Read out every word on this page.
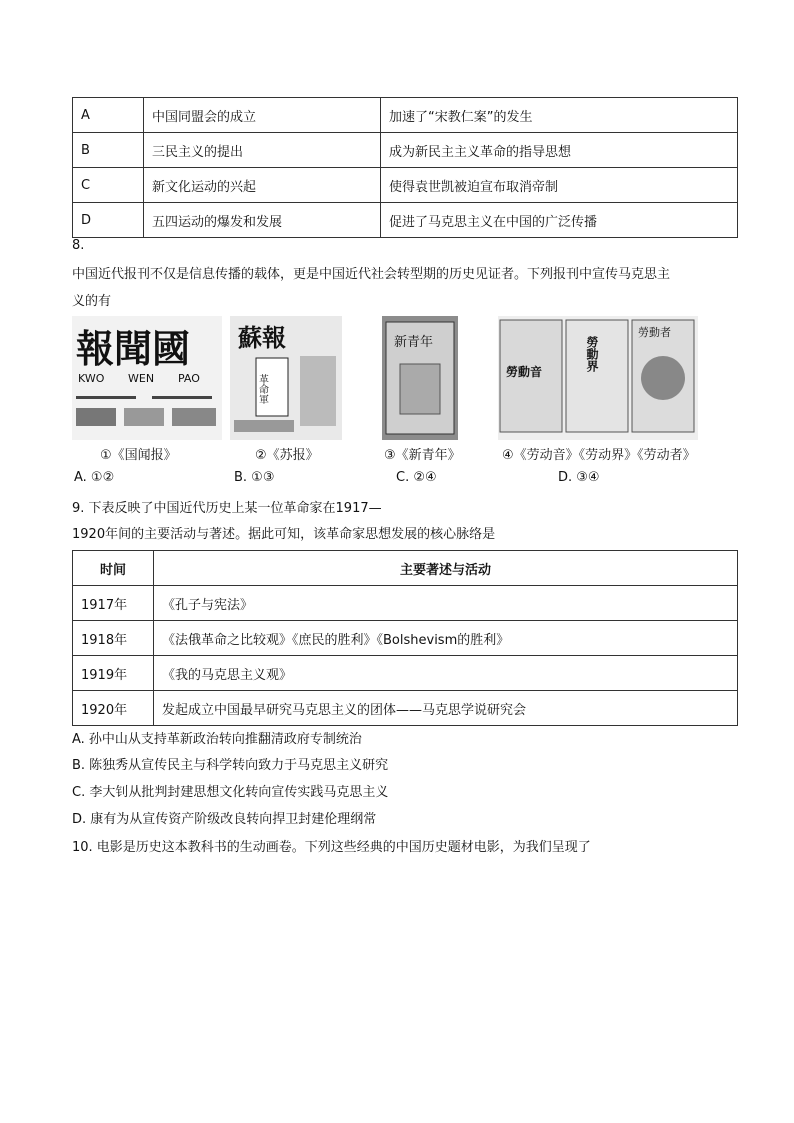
A	中国同盟会的成立	加速了“宋教仁案”的发生
B	三民主义的提出	成为新民主主义革命的指导思想
C	新文化运动的兴起	使得袁世凯被迫宣布取消帝制
D	五四运动的爆发和发展	促进了马克思主义在中国的广泛传播
8.
中国近代报刊不仅是信息传播的载体，更是中国近代社会转型期的历史见证者。下列报刊中宣传马克思主
义的有
報聞國
KWO WEN PAO
①《国闻报》
蘇報
革命軍
②《苏报》
新青年
③《新青年》
勞動音	勞動界
勞動者
④《劳动音》《劳动界》《劳动者》
A. ①②	B. ①③	C. ②④	D. ③④
9. 下表反映了中国近代历史上某一位革命家在1917—
1920年间的主要活动与著述。据此可知，该革命家思想发展的核心脉络是
时间	主要著述与活动
1917年	《孔子与宪法》
1918年	《法俄革命之比较观》《庶民的胜利》《Bolshevism的胜利》
1919年	《我的马克思主义观》
1920年	发起成立中国最早研究马克思主义的团体——马克思学说研究会
A. 孙中山从支持革新政治转向推翻清政府专制统治
B. 陈独秀从宣传民主与科学转向致力于马克思主义研究
C. 李大钊从批判封建思想文化转向宣传实践马克思主义
D. 康有为从宣传资产阶级改良转向捍卫封建伦理纲常
10. 电影是历史这本教科书的生动画卷。下列这些经典的中国历史题材电影，为我们呈现了
